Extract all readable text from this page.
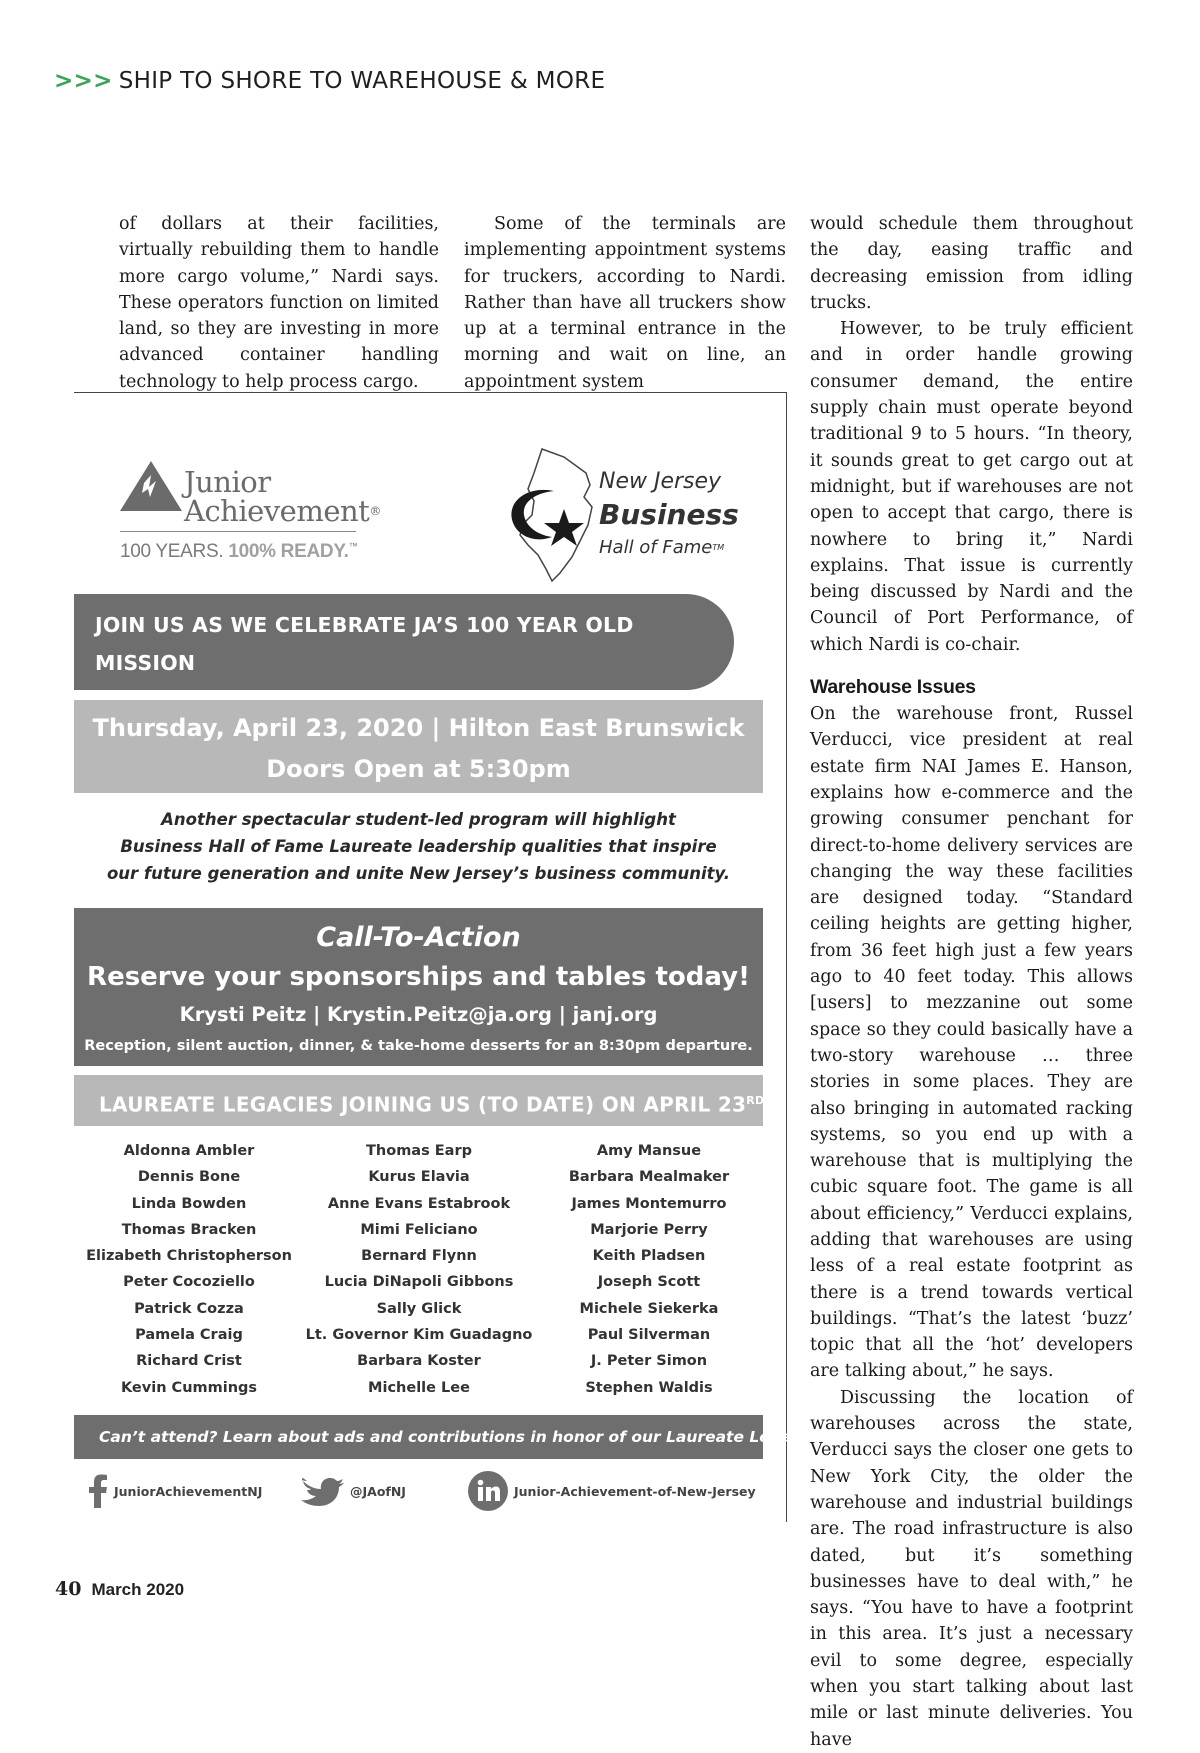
>>> SHIP TO SHORE TO WAREHOUSE & MORE

of dollars at their facilities, virtually rebuilding them to handle more cargo volume,” Nardi says. These operators function on limited land, so they are investing in more advanced container handling technology to help process cargo.

Some of the terminals are implementing appointment systems for truckers, according to Nardi. Rather than have all truckers show up at a terminal entrance in the morning and wait on line, an appointment system

would schedule them throughout the day, easing traffic and decreasing emission from idling trucks.

However, to be truly efficient and in order handle growing consumer demand, the entire supply chain must operate beyond traditional 9 to 5 hours. “In theory, it sounds great to get cargo out at midnight, but if warehouses are not open to accept that cargo, there is nowhere to bring it,” Nardi explains. That issue is currently being discussed by Nardi and the Council of Port Performance, of which Nardi is co-chair.

Warehouse Issues

On the warehouse front, Russel Verducci, vice president at real estate firm NAI James E. Hanson, explains how e-commerce and the growing consumer penchant for direct-to-home delivery services are changing the way these facilities are designed today. “Standard ceiling heights are getting higher, from 36 feet high just a few years ago to 40 feet today. This allows [users] to mezzanine out some space so they could basically have a two-story warehouse … three stories in some places. They are also bringing in automated racking systems, so you end up with a warehouse that is multiplying the cubic square foot. The game is all about efficiency,” Verducci explains, adding that warehouses are using less of a real estate footprint as there is a trend towards vertical buildings. “That’s the latest ‘buzz’ topic that all the ‘hot’ developers are talking about,” he says.

Discussing the location of warehouses across the state, Verducci says the closer one gets to New York City, the older the warehouse and industrial buildings are. The road infrastructure is also dated, but it’s something businesses have to deal with,” he says. “You have to have a footprint in this area. It’s just a necessary evil to some degree, especially when you start talking about last mile or last minute deliveries. You have

Junior
Achievement®
100 YEARS. 100% READY.™
New Jersey
Business
Hall of Fame™
JOIN US AS WE CELEBRATE JA’S 100 YEAR OLD MISSION
Thursday, April 23, 2020 | Hilton East Brunswick
Doors Open at 5:30pm
Another spectacular student-led program will highlight
Business Hall of Fame Laureate leadership qualities that inspire
our future generation and unite New Jersey’s business community.
Call-To-Action
Reserve your sponsorships and tables today!
Krysti Peitz | Krystin.Peitz@ja.org | janj.org
Reception, silent auction, dinner, & take-home desserts for an 8:30pm departure.
LAUREATE LEGACIES JOINING US (TO DATE) ON APRIL 23RD
Aldonna Ambler
Dennis Bone
Linda Bowden
Thomas Bracken
Elizabeth Christopherson
Peter Cocoziello
Patrick Cozza
Pamela Craig
Richard Crist
Kevin Cummings
Thomas Earp
Kurus Elavia
Anne Evans Estabrook
Mimi Feliciano
Bernard Flynn
Lucia DiNapoli Gibbons
Sally Glick
Lt. Governor Kim Guadagno
Barbara Koster
Michelle Lee
Amy Mansue
Barbara Mealmaker
James Montemurro
Marjorie Perry
Keith Pladsen
Joseph Scott
Michele Siekerka
Paul Silverman
J. Peter Simon
Stephen Waldis
Can’t attend? Learn about ads and contributions in honor of our Laureate Legacies.
JuniorAchievementNJ	@JAofNJ	Junior-Achievement-of-New-Jersey
40 March 2020
